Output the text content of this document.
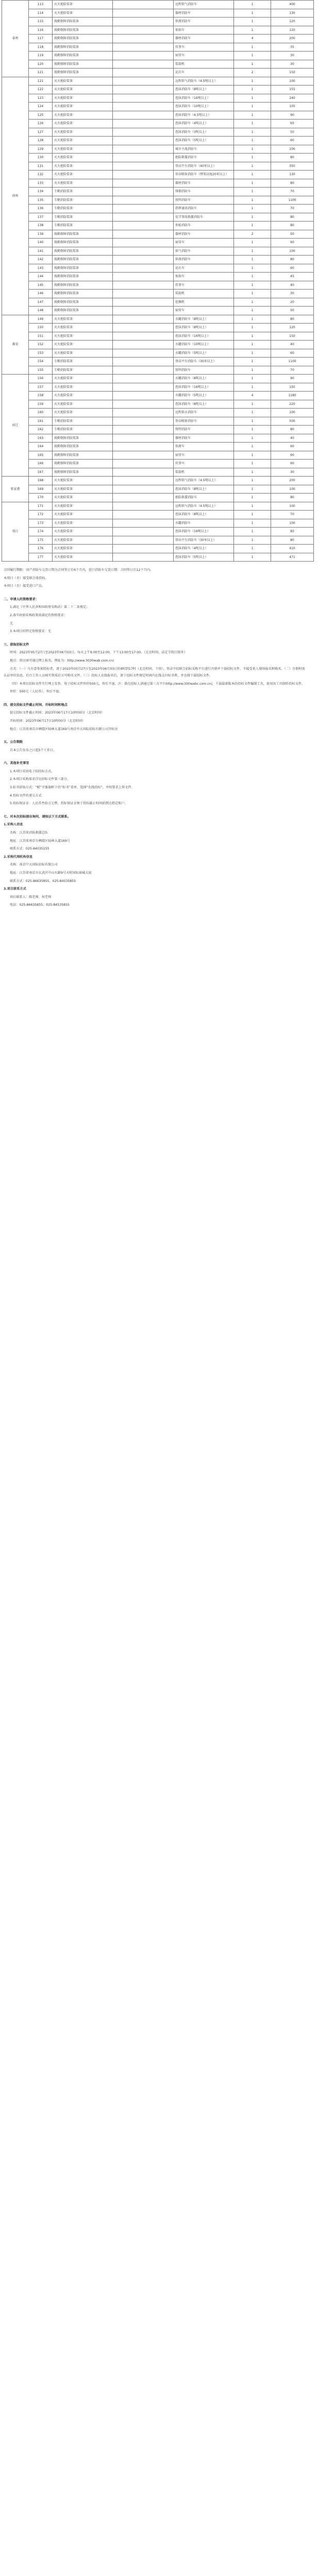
泰州	113	灭火抢险装备		远程供气消防车	1	400
	114	灭火抢险装备		器材消防车	1	130
	115	战勤保障消防装备		供液消防车	1	120
	116	战勤保障消防装备		加油车	1	120
	117	战勤保障消防装备		器材消防车	4	200
	118	战勤保障消防装备		炊事车	1	35
	119	战勤保障消防装备		宿营车	1	30
	120	战勤保障消防装备		装载机	1	30
	121	战勤保障消防装备		运兵车	2	150
徐州	121	灭火抢险装备		远程供气消防车（4.5吨以上）	1	100
	122	灭火抢险装备		泡沫消防车（8吨以上）	1	155
	123	灭火抢险装备		泡沫消防车（16吨以上）	1	240
	124	灭火抢险装备		泡沫消防车（10吨以上）	1	105
	125	灭火抢险装备		泡沫消防车（4.5吨以上）	1	90
	126	灭火抢险装备		泡沫消防车（4吨以上）	1	65
	127	灭火抢险装备		泡沫消防车（3吨以上）	1	50
	128	灭火抢险装备		泡沫消防车（5吨以上）	1	60
	129	灭火抢险装备		城市主战消防车	1	100
	130	灭火抢险装备		抢险救援消防车	1	80
	131	灭火抢险装备		登高平台消防车（40米以上）	1	350
	132	灭火抢险装备		举高喷射消防车（臂架高度20米以上）	1	130
	133	灭火抢险装备		器材消防车	1	80
	134	专勤消防装备		排烟消防车	1	70
	135	专勤消防装备		照明消防车	1	1100
	136	专勤消防装备		指挥通讯消防车	1	70
	137	专勤消防装备		化学事故救援消防车	1	80
	138	专勤消防装备		侦检消防车	1	80
	139	战勤保障消防装备		器材消防车	2	50
	140	战勤保障消防装备		宿营车	1	60
	141	战勤保障消防装备		供气消防车	1	100
	142	战勤保障消防装备		供液消防车	1	80
	143	战勤保障消防装备		运兵车	1	60
	144	战勤保障消防装备		加油车	1	45
	145	战勤保障消防装备		炊事车	1	40
	146	战勤保障消防装备		装载机	1	30
	147	战勤保障消防装备		挖掘机	1	20
	148	战勤保障消防装备		宿营车	1	50
淮安	149	灭火抢险装备		水罐消防车（8吨以上）	1	80
	150	灭火抢险装备		泡沫消防车（8吨以上）	1	120
	151	灭火抢险装备		泡沫消防车（16吨以上）	1	150
	152	灭火抢险装备		水罐消防车（10吨以上）	1	40
	153	灭火抢险装备		水罐消防车（5吨以上）	1	60
	154	专勤消防装备		登高平台消防车（30米以上）	1	1100
	155	专勤消防装备		照明消防车	1	70
宿迁	156	灭火抢险装备		水罐消防车（8吨以上）	1	90
	157	灭火抢险装备		泡沫消防车（16吨以上）	1	150
	158	灭火抢险装备		水罐消防车（5吨以上）	4	1180
	159	灭火抢险装备		泡沫消防车（8吨以上）	1	220
	160	灭火抢险装备		远程供水消防车	1	100
	161	专勤消防装备		举高喷射消防车	1	500
	162	专勤消防装备		照明消防车	1	80
	163	战勤保障消防装备		器材消防车	1	40
	164	战勤保障消防装备		供液车	1	60
	165	战勤保障消防装备		宿营车	1	60
	166	战勤保障消防装备		炊事车	1	60
	167	战勤保障消防装备		装载机	1	30
张家港	168	灭火抢险装备		远程供气消防车（4.5吨以上）	1	200
	169	灭火抢险装备		泡沫消防车（8吨以上）	1	100
	170	灭火抢险装备		抢险救援消防车	1	80
靖江	171	灭火抢险装备		远程供气消防车（4.5吨以上）	1	100
	172	灭火抢险装备		泡沫消防车（8吨以上）	1	70
	173	灭火抢险装备		水罐消防车	1	100
	174	灭火抢险装备		泡沫消防车（16吨以上）	1	85
	175	灭火抢险装备		登高平台消防车（30米以上）	1	80
	176	灭火抢险装备		泡沫消防车（4吨以上）	1	410
	177	灭火抢险装备		泡沫消防车（5吨以上）	1	471

合同履行期限：国产消防车交货日期为合同签订后6个月内，进口消防车交货日期：合同签订后12个月内。

本项目（否）接受联合体投标。

本项目（否）接受进口产品。

二、申请人的资格要求：

1.满足《中华人民共和国政府采购法》第二十二条规定；

2.落实政府采购政策需满足的资格要求：

无

3.本项目的特定资格要求：无

三、获取招标文件

时间：2023年05月27日至2023年06月03日，每天上午9:00至12:00，下午13:00至17:00。（北京时间，法定节假日除外）

地点：供应商可通过网上报名，网址为：http://www.3030wab.com.cn/

方式：（一）凡有意参加投标者，请于2023年05月27日至2023年06月03日的9时到17时（北京时间，下同），登录中招联合招标采购平台进行注册并下载招标文件，不接受来人现场报名和购买。（二）注册时需认证单位信息，后台工作人员核实资质后方可购买文件。（三）投标人在线报名后，请于招标文件规定时间内在线支付标书费，并在线下载招标文件。

（四）本项目招标文件实行网上发售，电子招标文件售价500元，售后不退。注：潜在投标人请通过第三方平台http://www.300wabc.com.cn/，下载最新版本的投标文件编制工具，使用该工具制作投标文件。

售价：500元（人民币），售后不退。

四、提交投标文件截止时间、开标时间和地点

提交投标文件截止时间：2023年06月17日10时00分（北京时间）

开标时间：2023年06月17日10时00分（北京时间）

地点：江苏省南京市栖霞区仙林大道169号南京中大国际招标有限公司开标室

五、公告期限

自本公告发布之日起5个工作日。

六、其他补充事宜

1.本项目采用电子招投标方式。

2.本项目采购需求详见招标文件第三部分。

3.标书获取方式：“联”字旗旗帜下的“标书”菜单，选择“在线投标”，并按要求上传文件。

4.投标文件的递交方式：

5.投标保证金：人民币叁拾万元整，投标保证金须于投标截止时间前到达指定账户。

七、对本次招标提出询问，请按以下方式联系。

1.采购人信息

名称：江苏省消防救援总队

地址：江苏省南京市栖霞区仙林大道169号

联系方式：025-84035155

2.采购代理机构信息

名称：南京中大国际招标有限公司

地址：江苏省南京市玄武区中山东路9号天时国际商城大厦

联系方式：025-86635855，025-84535855

3.项目联系方式

项目联系人：陈老师、何老师

电话：025-86635855，025-84535855
